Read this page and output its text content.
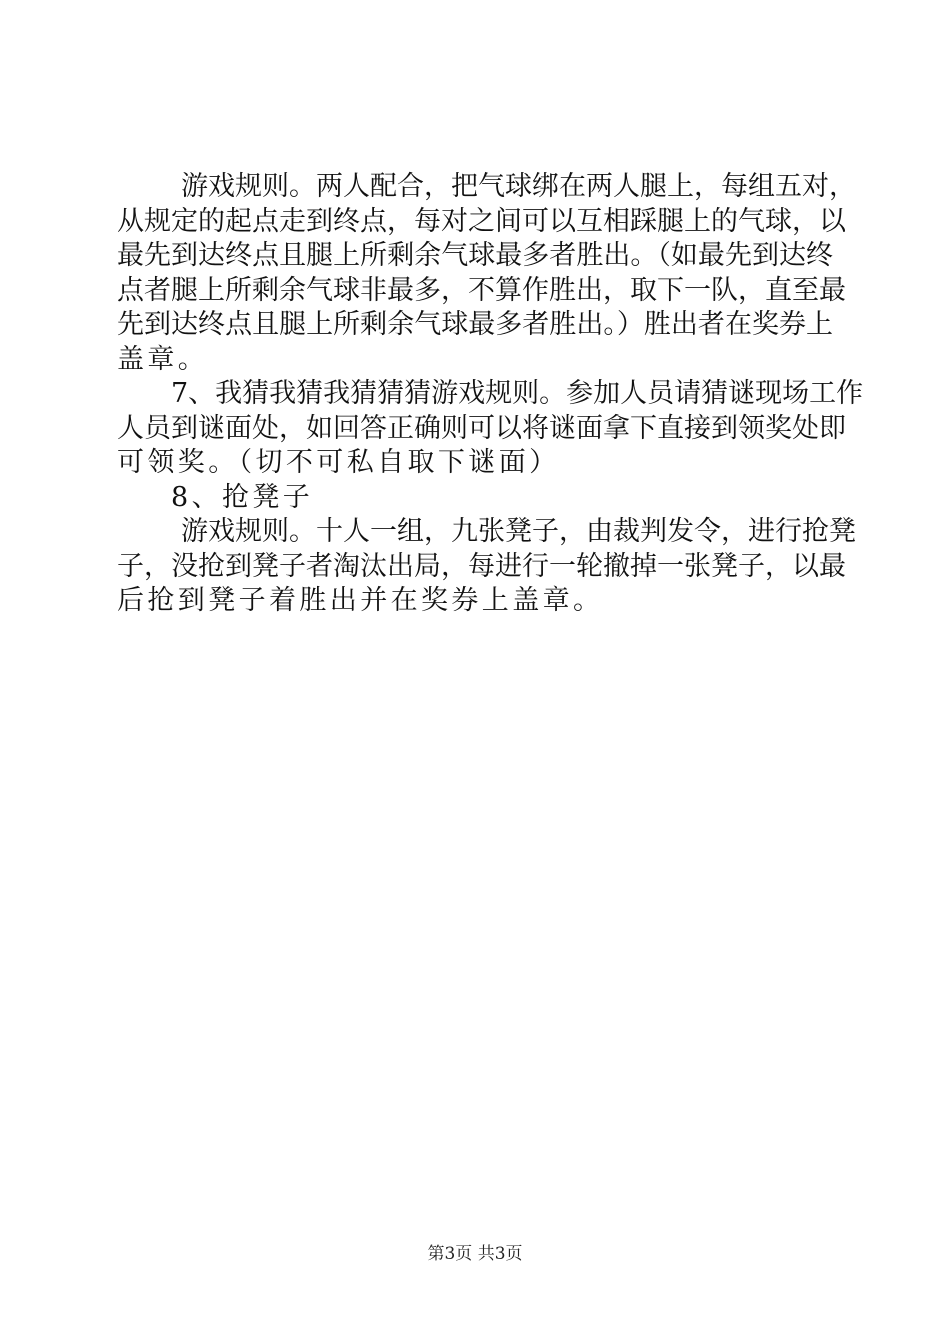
游戏规则。两人配合，把气球绑在两人腿上，每组五对，
从规定的起点走到终点，每对之间可以互相踩腿上的气球，以
最先到达终点且腿上所剩余气球最多者胜出。（如最先到达终
点者腿上所剩余气球非最多，不算作胜出，取下一队，直至最
先到达终点且腿上所剩余气球最多者胜出。）胜出者在奖券上
盖章。
7、我猜我猜我猜猜猜游戏规则。参加人员请猜谜现场工作
人员到谜面处，如回答正确则可以将谜面拿下直接到领奖处即
可领奖。（切不可私自取下谜面）
8、抢凳子
游戏规则。十人一组，九张凳子，由裁判发令，进行抢凳
子，没抢到凳子者淘汰出局，每进行一轮撤掉一张凳子，以最
后抢到凳子着胜出并在奖券上盖章。
第3页 共3页
